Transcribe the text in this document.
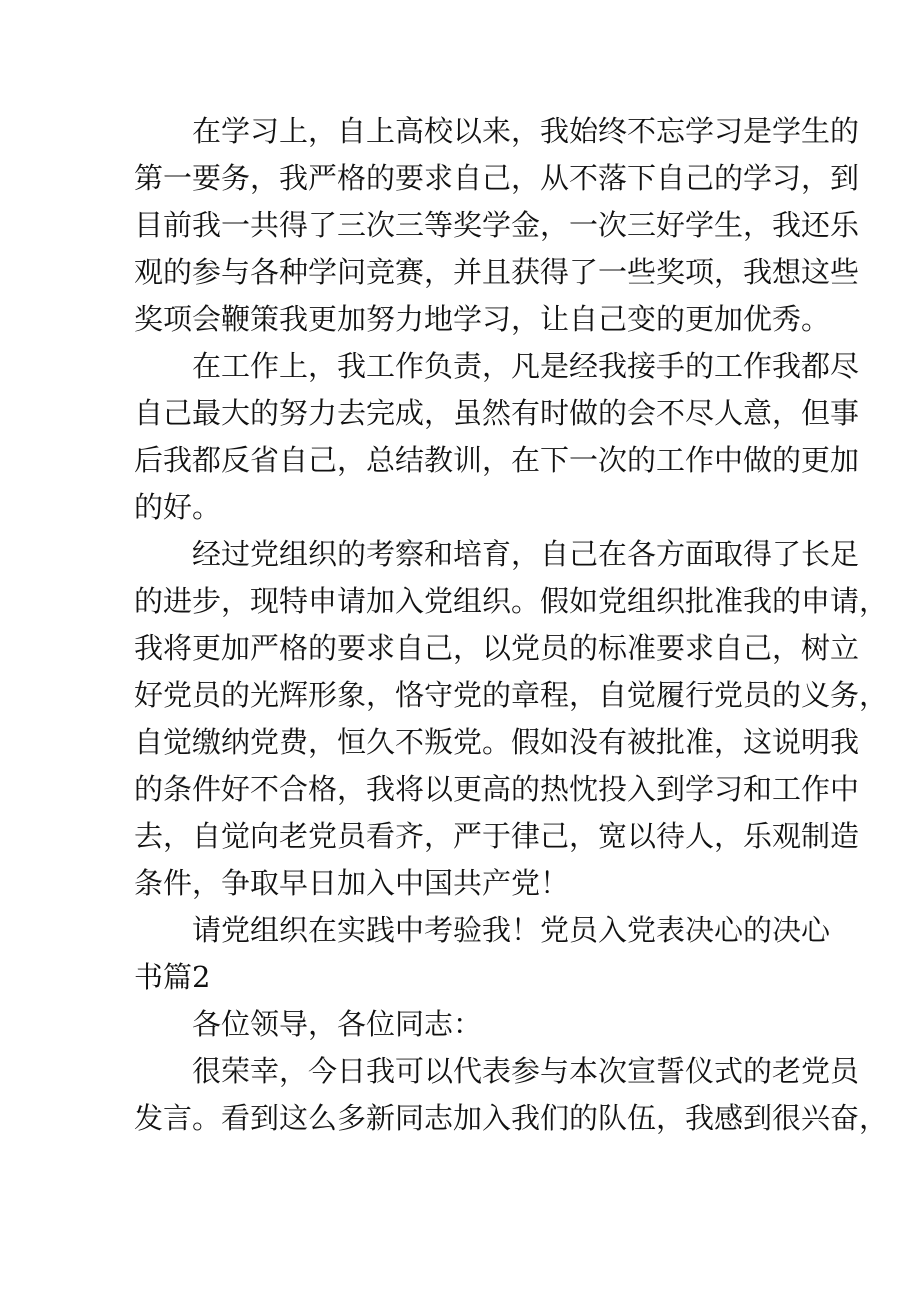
在学习上，自上高校以来，我始终不忘学习是学生的
第一要务，我严格的要求自己，从不落下自己的学习，到
目前我一共得了三次三等奖学金，一次三好学生，我还乐
观的参与各种学问竞赛，并且获得了一些奖项，我想这些
奖项会鞭策我更加努力地学习，让自己变的更加优秀。
在工作上，我工作负责，凡是经我接手的工作我都尽
自己最大的努力去完成，虽然有时做的会不尽人意，但事
后我都反省自己，总结教训，在下一次的工作中做的更加
的好。
经过党组织的考察和培育，自己在各方面取得了长足
的进步，现特申请加入党组织。假如党组织批准我的申请，
我将更加严格的要求自己，以党员的标准要求自己，树立
好党员的光辉形象，恪守党的章程，自觉履行党员的义务，
自觉缴纳党费，恒久不叛党。假如没有被批准，这说明我
的条件好不合格，我将以更高的热忱投入到学习和工作中
去，自觉向老党员看齐，严于律己，宽以待人，乐观制造
条件，争取早日加入中国共产党！
请党组织在实践中考验我！党员入党表决心的决心
书篇2
各位领导，各位同志：
很荣幸，今日我可以代表参与本次宣誓仪式的老党员
发言。看到这么多新同志加入我们的队伍，我感到很兴奋，
